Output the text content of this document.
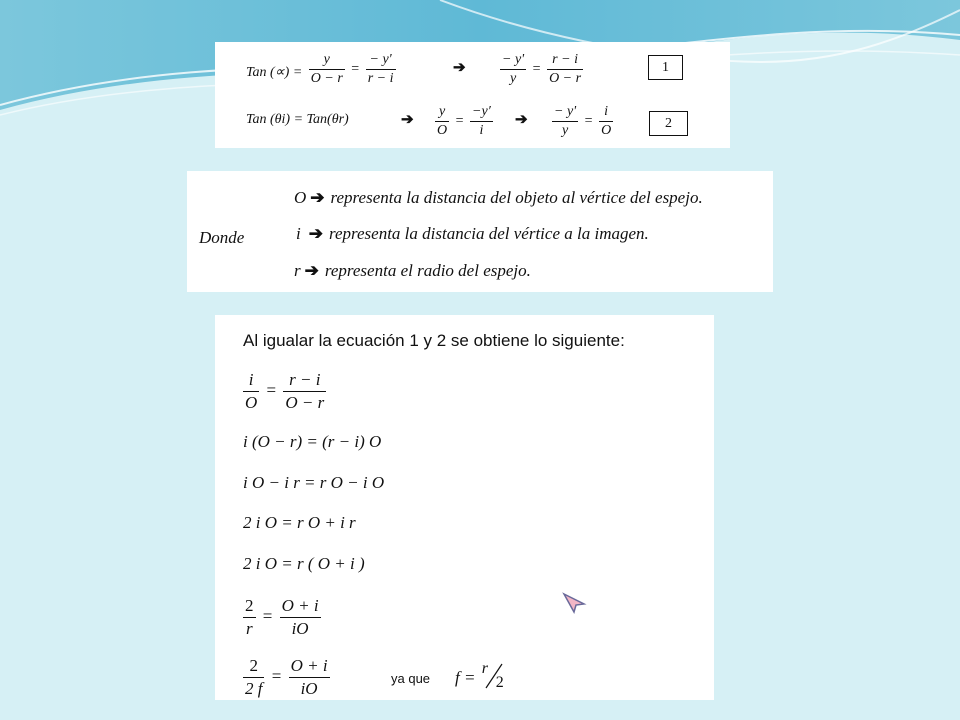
Tan (∝) = $\frac{y}{O - r} = \frac{- y'}{r - i}$	➔ $\frac{- y'}{y} = \frac{r - i}{O - r}$	1
Tan (θi) = Tan(θr)	➔ $\frac{y}{O} = \frac{-y'}{i}$ ➔ $\frac{- y'}{y} = \frac{i}{O}$	2
Donde
O ➔ representa la distancia del objeto al vértice del espejo.
i ➔ representa la distancia del vértice a la imagen.
r ➔ representa el radio del espejo.
Al igualar la ecuación 1 y 2 se obtiene lo siguiente:
$\frac{i}{O} = \frac{r - i}{O - r}$
i (O − r) = (r − i) O
i O − i r = r O − i O
2 i O = r O + i r
2 i O = r ( O + i )
$\frac{2}{r} = \frac{O + i}{iO}$
$\frac{2}{2 f} = \frac{O + i}{iO}$	ya que f = r
2
